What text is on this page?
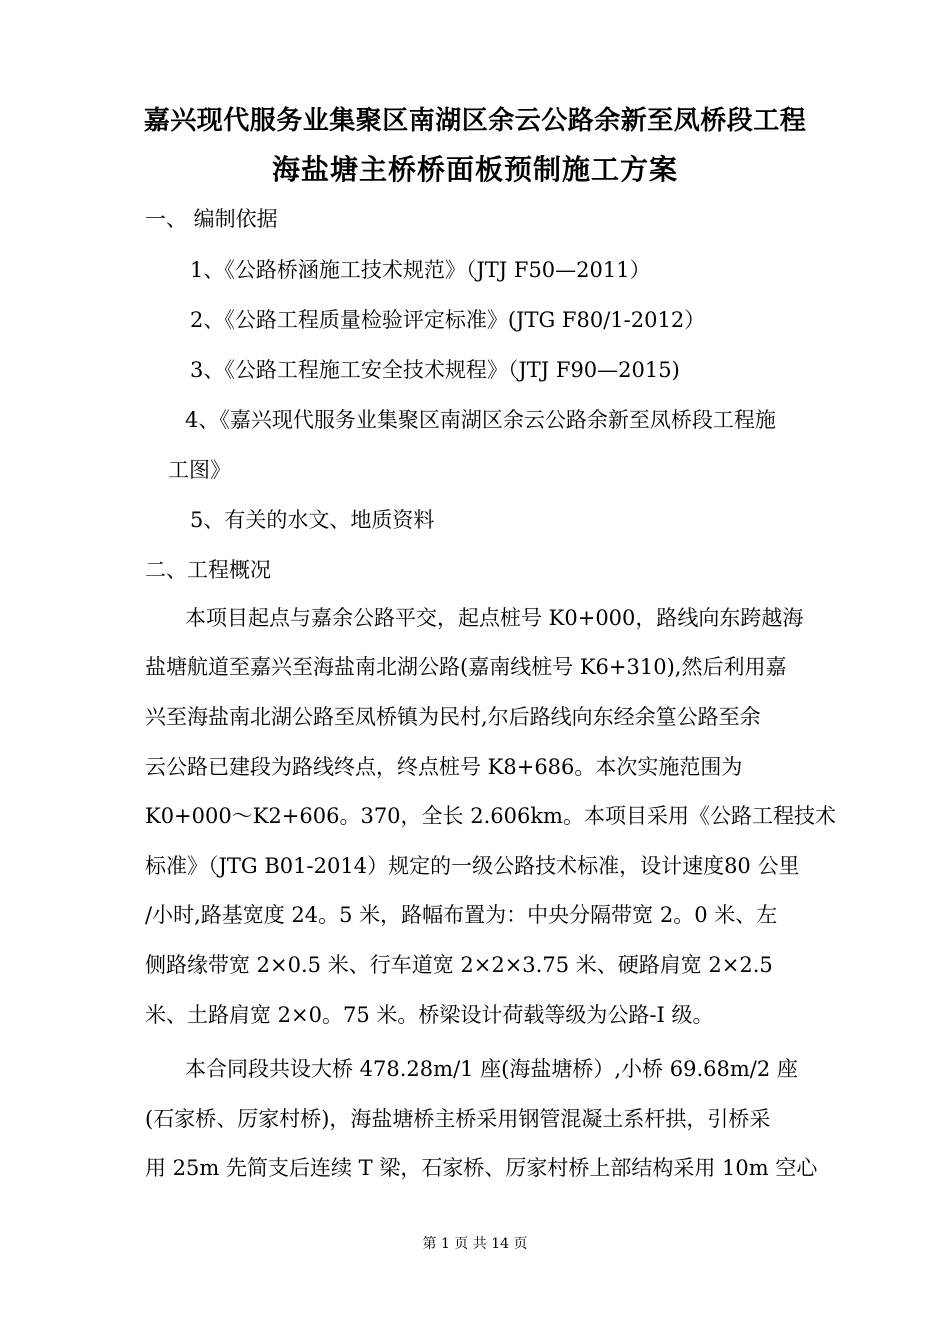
嘉兴现代服务业集聚区南湖区余云公路余新至凤桥段工程
海盐塘主桥桥面板预制施工方案
一、 编制依据
1、《公路桥涵施工技术规范》（JTJ F50—2011）
2、《公路工程质量检验评定标准》(JTG F80/1-2012）
3、《公路工程施工安全技术规程》（JTJ F90—2015)
4、《嘉兴现代服务业集聚区南湖区余云公路余新至凤桥段工程施
工图》
5、有关的水文、地质资料
二、工程概况
本项目起点与嘉余公路平交，起点桩号 K0+000，路线向东跨越海
盐塘航道至嘉兴至海盐南北湖公路(嘉南线桩号 K6+310),然后利用嘉
兴至海盐南北湖公路至凤桥镇为民村,尔后路线向东经余篁公路至余
云公路已建段为路线终点，终点桩号 K8+686。本次实施范围为
K0+000～K2+606。370，全长 2.606km。本项目采用《公路工程技术
标准》（JTG B01-2014）规定的一级公路技术标准，设计速度80 公里
/小时,路基宽度 24。5 米，路幅布置为：中央分隔带宽 2。0 米、左
侧路缘带宽 2×0.5 米、行车道宽 2×2×3.75 米、硬路肩宽 2×2.5
米、土路肩宽 2×0。75 米。桥梁设计荷载等级为公路-I 级。
本合同段共设大桥 478.28m/1 座(海盐塘桥）,小桥 69.68m/2 座
(石家桥、厉家村桥)，海盐塘桥主桥采用钢管混凝土系杆拱，引桥采
用 25m 先简支后连续 T 梁，石家桥、厉家村桥上部结构采用 10m 空心
第 1 页 共 14 页
